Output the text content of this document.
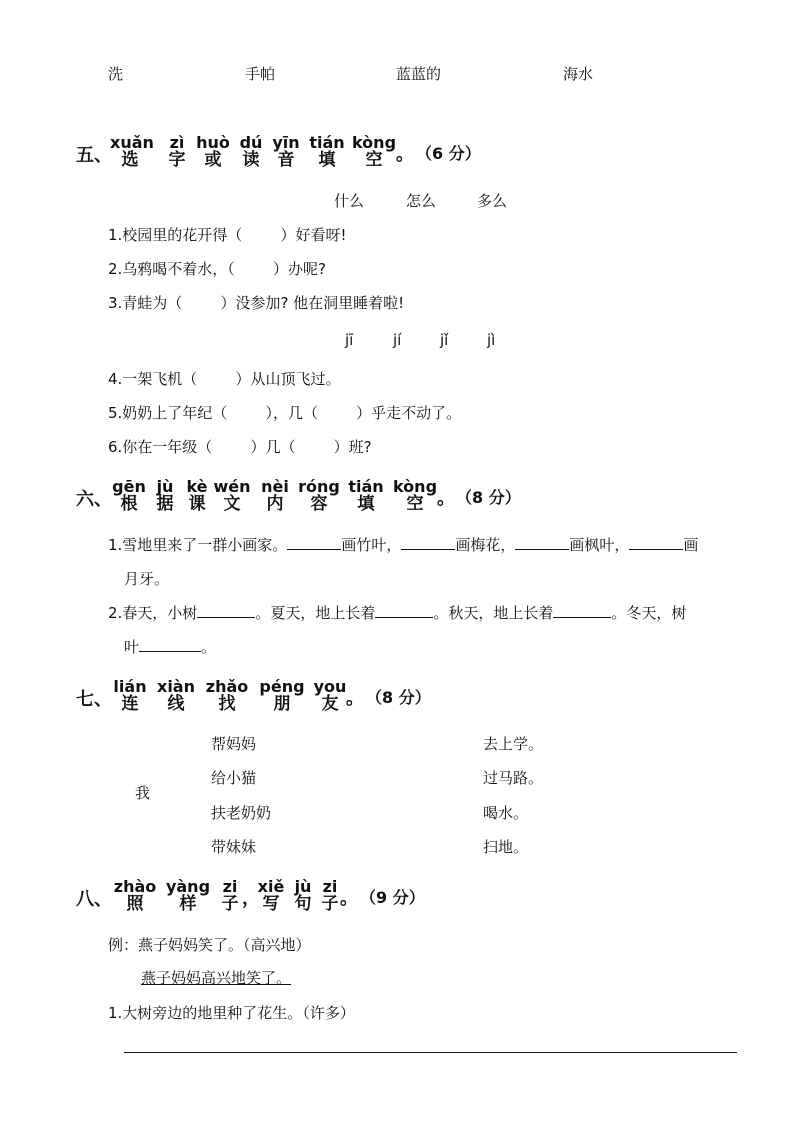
洗	手帕	蓝蓝的	海水
五、
xuǎn
选
zì
字
huò
或
dú
读
yīn
音
tián
填
kòng
空 。 （6 分）
什么	怎么	多么
1.校园里的花开得（        ）好看呀!
2.乌鸦喝不着水，（        ）办呢?
3.青蛙为（        ）没参加? 他在洞里睡着啦!
jī	jí	jǐ	jì
4.一架飞机（        ）从山顶飞过。
5.奶奶上了年纪（        ），几（        ）乎走不动了。
6.你在一年级（        ）几（        ）班?
六、
gēn
根
jù
据
kè
课
wén
文
nèi
内
róng
容
tián
填
kòng
空 。 （8 分）
1.雪地里来了一群小画家。	画竹叶，	画梅花，	画枫叶，	画
月牙。
2.春天，小树	。夏天，地上长着	。秋天，地上长着	。冬天，树
叶	。
七、
lián
连
xiàn
线
zhǎo
找
péng
朋
you
友 。 （8 分）
我
帮妈妈
给小猫
扶老奶奶
带妹妹
去上学。
过马路。
喝水。
扫地。
八、
zhào
照
yàng
样
zi
子 ，
xiě
写
jù
句
zi
子 。 （9 分）
例：燕子妈妈笑了。（高兴地）
燕子妈妈高兴地笑了。
1.大树旁边的地里种了花生。（许多）
